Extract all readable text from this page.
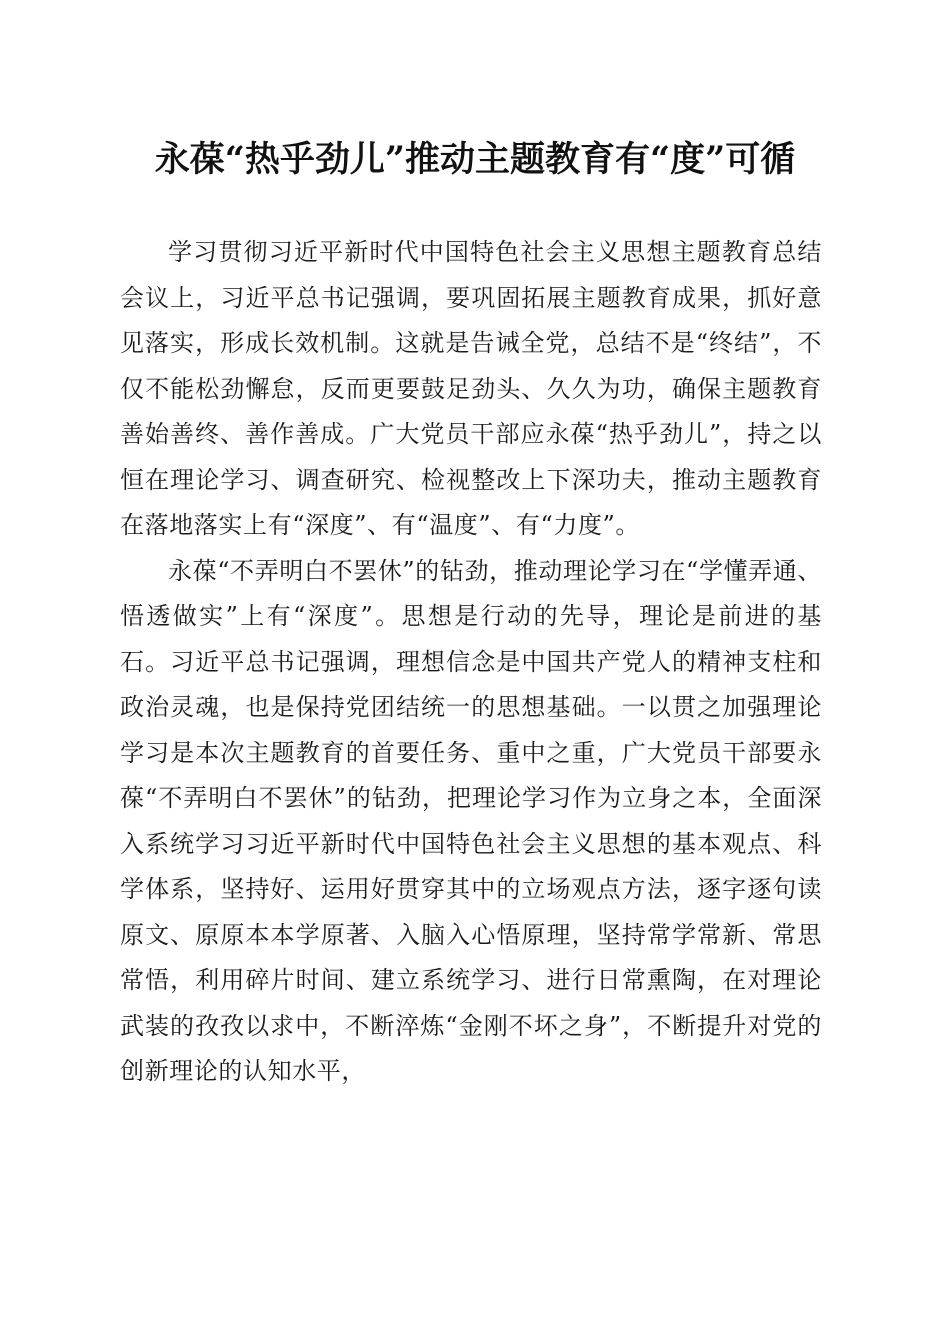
永葆“热乎劲儿”推动主题教育有“度”可循

学习贯彻习近平新时代中国特色社会主义思想主题教育总结会议上，习近平总书记强调，要巩固拓展主题教育成果，抓好意见落实，形成长效机制。这就是告诫全党，总结不是“终结”，不仅不能松劲懈怠，反而更要鼓足劲头、久久为功，确保主题教育善始善终、善作善成。广大党员干部应永葆“热乎劲儿”，持之以恒在理论学习、调查研究、检视整改上下深功夫，推动主题教育在落地落实上有“深度”、有“温度”、有“力度”。

永葆“不弄明白不罢休”的钻劲，推动理论学习在“学懂弄通、悟透做实”上有“深度”。思想是行动的先导，理论是前进的基石。习近平总书记强调，理想信念是中国共产党人的精神支柱和政治灵魂，也是保持党团结统一的思想基础。一以贯之加强理论学习是本次主题教育的首要任务、重中之重，广大党员干部要永葆“不弄明白不罢休”的钻劲，把理论学习作为立身之本，全面深入系统学习习近平新时代中国特色社会主义思想的基本观点、科学体系，坚持好、运用好贯穿其中的立场观点方法，逐字逐句读原文、原原本本学原著、入脑入心悟原理，坚持常学常新、常思常悟，利用碎片时间、建立系统学习、进行日常熏陶，在对理论武装的孜孜以求中，不断淬炼“金刚不坏之身”，不断提升对党的创新理论的认知水平，
